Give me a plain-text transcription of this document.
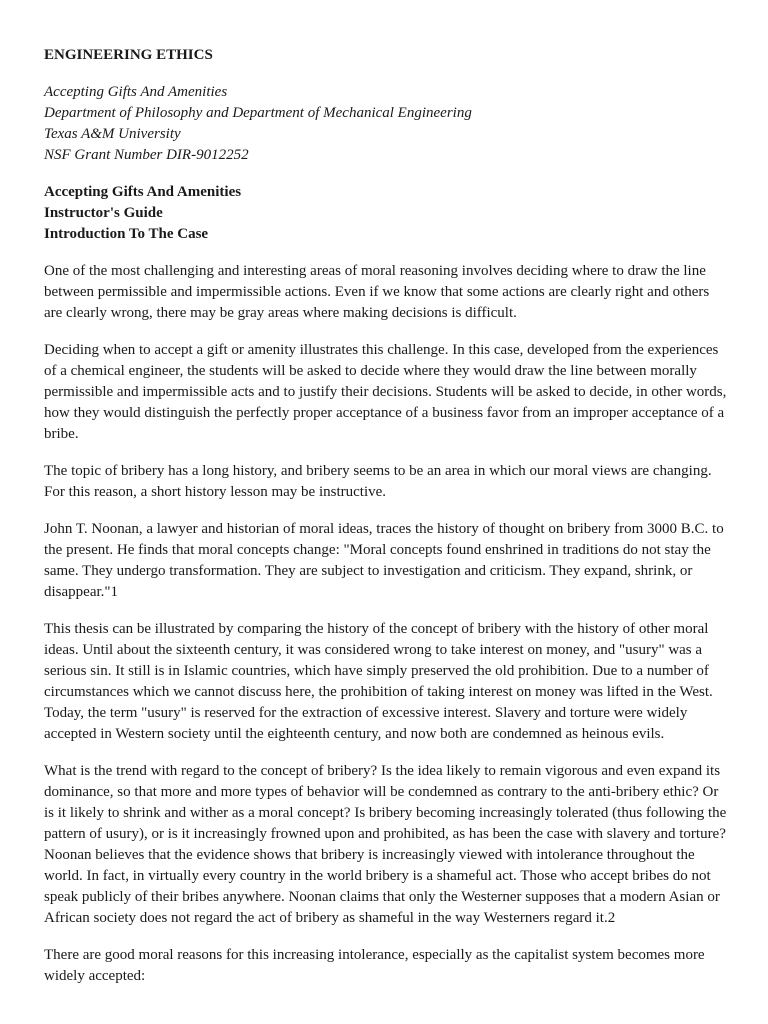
ENGINEERING ETHICS
Accepting Gifts And Amenities
Department of Philosophy and Department of Mechanical Engineering
Texas A&M University
NSF Grant Number DIR-9012252
Accepting Gifts And Amenities
Instructor's Guide
Introduction To The Case

One of the most challenging and interesting areas of moral reasoning involves deciding where to draw the line between permissible and impermissible actions. Even if we know that some actions are clearly right and others are clearly wrong, there may be gray areas where making decisions is difficult.

Deciding when to accept a gift or amenity illustrates this challenge. In this case, developed from the experiences of a chemical engineer, the students will be asked to decide where they would draw the line between morally permissible and impermissible acts and to justify their decisions. Students will be asked to decide, in other words, how they would distinguish the perfectly proper acceptance of a business favor from an improper acceptance of a bribe.

The topic of bribery has a long history, and bribery seems to be an area in which our moral views are changing. For this reason, a short history lesson may be instructive.

John T. Noonan, a lawyer and historian of moral ideas, traces the history of thought on bribery from 3000 B.C. to the present. He finds that moral concepts change: "Moral concepts found enshrined in traditions do not stay the same. They undergo transformation. They are subject to investigation and criticism. They expand, shrink, or disappear."1

This thesis can be illustrated by comparing the history of the concept of bribery with the history of other moral ideas. Until about the sixteenth century, it was considered wrong to take interest on money, and "usury" was a serious sin. It still is in Islamic countries, which have simply preserved the old prohibition. Due to a number of circumstances which we cannot discuss here, the prohibition of taking interest on money was lifted in the West. Today, the term "usury" is reserved for the extraction of excessive interest. Slavery and torture were widely accepted in Western society until the eighteenth century, and now both are condemned as heinous evils.

What is the trend with regard to the concept of bribery? Is the idea likely to remain vigorous and even expand its dominance, so that more and more types of behavior will be condemned as contrary to the anti-bribery ethic? Or is it likely to shrink and wither as a moral concept? Is bribery becoming increasingly tolerated (thus following the pattern of usury), or is it increasingly frowned upon and prohibited, as has been the case with slavery and torture? Noonan believes that the evidence shows that bribery is increasingly viewed with intolerance throughout the world. In fact, in virtually every country in the world bribery is a shameful act. Those who accept bribes do not speak publicly of their bribes anywhere. Noonan claims that only the Westerner supposes that a modern Asian or African society does not regard the act of bribery as shameful in the way Westerners regard it.2

There are good moral reasons for this increasing intolerance, especially as the capitalist system becomes more widely accepted:
